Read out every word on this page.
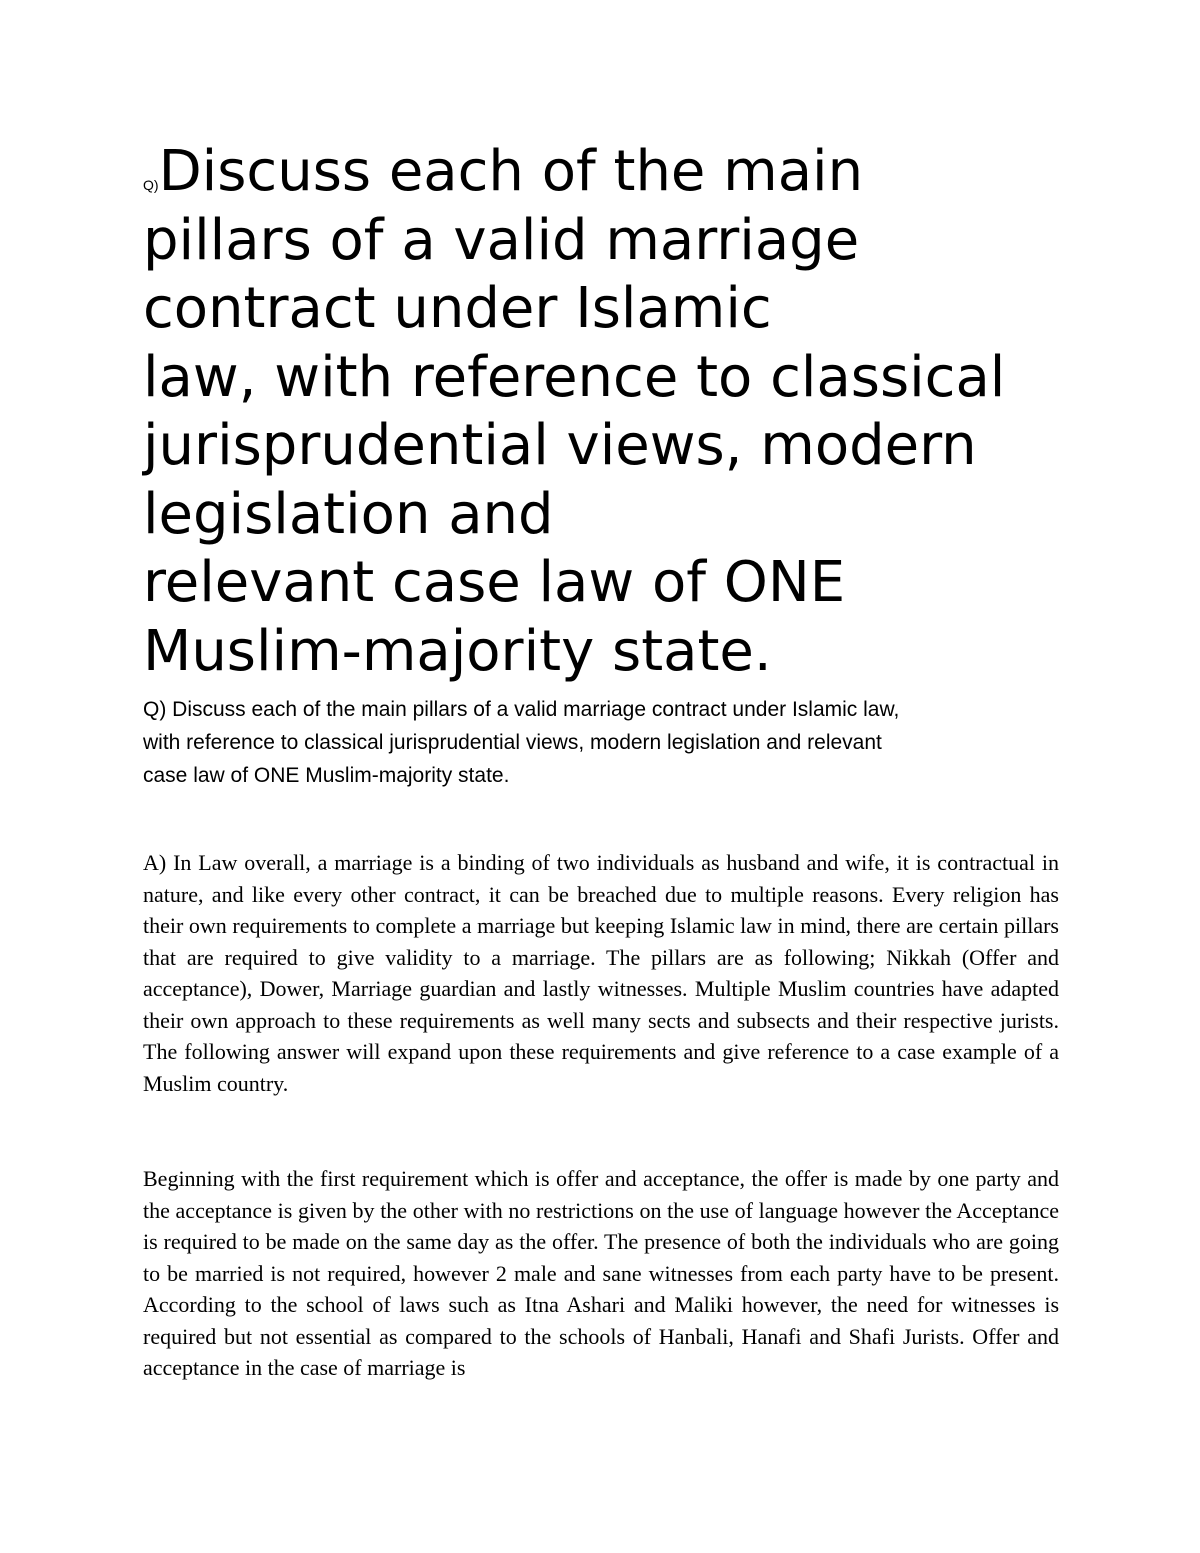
Q)Discuss each of the main
pillars of a valid marriage
contract under Islamic
law, with reference to classical
jurisprudential views, modern
legislation and
relevant case law of ONE
Muslim-majority state.
Q) Discuss each of the main pillars of a valid marriage contract under Islamic law,
with reference to classical jurisprudential views, modern legislation and relevant
case law of ONE Muslim-majority state.

A) In Law overall, a marriage is a binding of two individuals as husband and wife, it is contractual in nature, and like every other contract, it can be breached due to multiple reasons. Every religion has their own requirements to complete a marriage but keeping Islamic law in mind, there are certain pillars that are required to give validity to a marriage. The pillars are as following; Nikkah (Offer and acceptance), Dower, Marriage guardian and lastly witnesses. Multiple Muslim countries have adapted their own approach to these requirements as well many sects and subsects and their respective jurists. The following answer will expand upon these requirements and give reference to a case example of a Muslim country.

Beginning with the first requirement which is offer and acceptance, the offer is made by one party and the acceptance is given by the other with no restrictions on the use of language however the Acceptance is required to be made on the same day as the offer. The presence of both the individuals who are going to be married is not required, however 2 male and sane witnesses from each party have to be present. According to the school of laws such as Itna Ashari and Maliki however, the need for witnesses is required but not essential as compared to the schools of Hanbali, Hanafi and Shafi Jurists. Offer and acceptance in the case of marriage is
